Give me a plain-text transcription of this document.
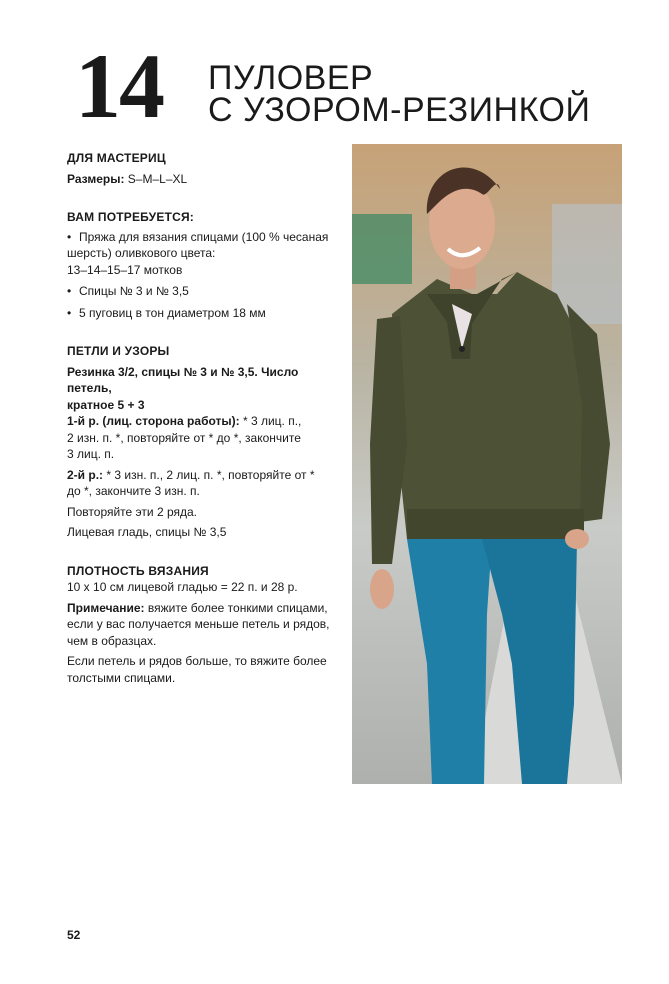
14 ПУЛОВЕР
С УЗОРОМ-РЕЗИНКОЙ

ДЛЯ МАСТЕРИЦ

Размеры: S–M–L–XL

ВАМ ПОТРЕБУЕТСЯ:

• Пряжа для вязания спицами (100 % чесаная
шерсть) оливкового цвета:
13–14–15–17 мотков
• Спицы № 3 и № 3,5
• 5 пуговиц в тон диаметром 18 мм

ПЕТЛИ И УЗОРЫ

Резинка 3/2, спицы № 3 и № 3,5. Число петель,

кратное 5 + 3

1-й р. (лиц. сторона работы): * 3 лиц. п.,

2 изн. п. *, повторяйте от * до *, закончите

3 лиц. п.

2-й р.: * 3 изн. п., 2 лиц. п. *, повторяйте от *

до *, закончите 3 изн. п.

Повторяйте эти 2 ряда.

Лицевая гладь, спицы № 3,5

ПЛОТНОСТЬ ВЯЗАНИЯ

10 х 10 см лицевой гладью = 22 п. и 28 р.

Примечание: вяжите более тонкими спицами,

если у вас получается меньше петель и рядов,

чем в образцах.

Если петель и рядов больше, то вяжите более

толстыми спицами.

52
